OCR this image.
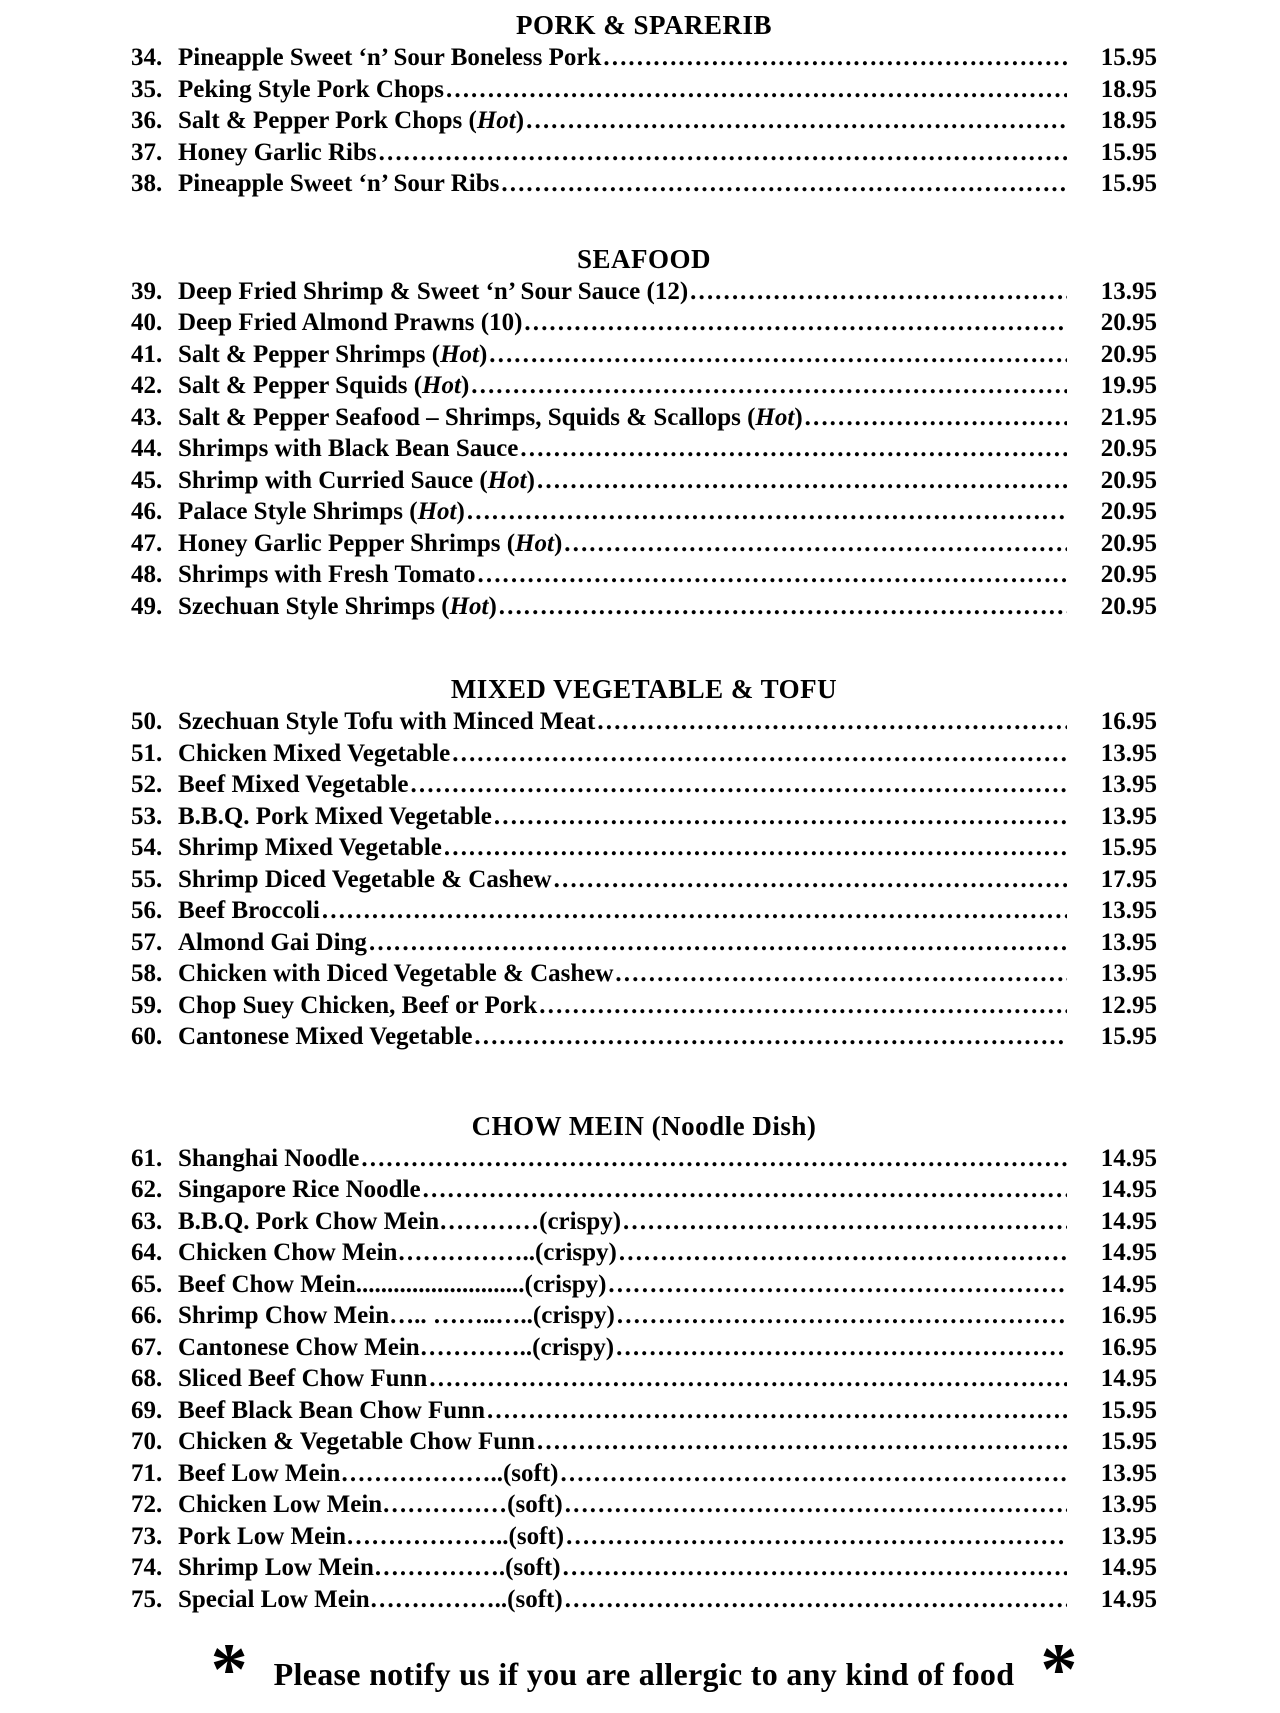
PORK & SPARERIB
34. Pineapple Sweet ‘n’ Sour Boneless Pork ……………………………………………………………………………………………………………………………………………………………………………………	15.95
35. Peking Style Pork Chops ……………………………………………………………………………………………………………………………………………………………………………………	18.95
36. Salt & Pepper Pork Chops (Hot) ……………………………………………………………………………………………………………………………………………………………………………………	18.95
37. Honey Garlic Ribs ……………………………………………………………………………………………………………………………………………………………………………………	15.95
38. Pineapple Sweet ‘n’ Sour Ribs ……………………………………………………………………………………………………………………………………………………………………………………	15.95
SEAFOOD
39. Deep Fried Shrimp & Sweet ‘n’ Sour Sauce (12) ……………………………………………………………………………………………………………………………………………………………………………………	13.95
40. Deep Fried Almond Prawns (10) ……………………………………………………………………………………………………………………………………………………………………………………	20.95
41. Salt & Pepper Shrimps (Hot) ……………………………………………………………………………………………………………………………………………………………………………………	20.95
42. Salt & Pepper Squids (Hot) ……………………………………………………………………………………………………………………………………………………………………………………	19.95
43. Salt & Pepper Seafood – Shrimps, Squids & Scallops (Hot) ……………………………………………………………………………………………………………………………………………………………………………………	21.95
44. Shrimps with Black Bean Sauce ……………………………………………………………………………………………………………………………………………………………………………………	20.95
45. Shrimp with Curried Sauce (Hot) ……………………………………………………………………………………………………………………………………………………………………………………	20.95
46. Palace Style Shrimps (Hot) ……………………………………………………………………………………………………………………………………………………………………………………	20.95
47. Honey Garlic Pepper Shrimps (Hot) ……………………………………………………………………………………………………………………………………………………………………………………	20.95
48. Shrimps with Fresh Tomato ……………………………………………………………………………………………………………………………………………………………………………………	20.95
49. Szechuan Style Shrimps (Hot) ……………………………………………………………………………………………………………………………………………………………………………………	20.95
MIXED VEGETABLE & TOFU
50. Szechuan Style Tofu with Minced Meat ……………………………………………………………………………………………………………………………………………………………………………………	16.95
51. Chicken Mixed Vegetable ……………………………………………………………………………………………………………………………………………………………………………………	13.95
52. Beef Mixed Vegetable ……………………………………………………………………………………………………………………………………………………………………………………	13.95
53. B.B.Q. Pork Mixed Vegetable ……………………………………………………………………………………………………………………………………………………………………………………	13.95
54. Shrimp Mixed Vegetable ……………………………………………………………………………………………………………………………………………………………………………………	15.95
55. Shrimp Diced Vegetable & Cashew ……………………………………………………………………………………………………………………………………………………………………………………	17.95
56. Beef Broccoli ……………………………………………………………………………………………………………………………………………………………………………………	13.95
57. Almond Gai Ding ……………………………………………………………………………………………………………………………………………………………………………………	13.95
58. Chicken with Diced Vegetable & Cashew ……………………………………………………………………………………………………………………………………………………………………………………	13.95
59. Chop Suey Chicken, Beef or Pork ……………………………………………………………………………………………………………………………………………………………………………………	12.95
60. Cantonese Mixed Vegetable ……………………………………………………………………………………………………………………………………………………………………………………	15.95
CHOW MEIN (Noodle Dish)
61. Shanghai Noodle ……………………………………………………………………………………………………………………………………………………………………………………	14.95
62. Singapore Rice Noodle ……………………………………………………………………………………………………………………………………………………………………………………	14.95
63. B.B.Q. Pork Chow Mein…………(crispy) ……………………………………………………………………………………………………………………………………………………………………………………	14.95
64. Chicken Chow Mein……………..(crispy) ……………………………………………………………………………………………………………………………………………………………………………………	14.95
65. Beef Chow Mein...........................(crispy) ……………………………………………………………………………………………………………………………………………………………………………………	14.95
66. Shrimp Chow Mein….. ……..…..(crispy) ……………………………………………………………………………………………………………………………………………………………………………………	16.95
67. Cantonese Chow Mein…………..(crispy) ……………………………………………………………………………………………………………………………………………………………………………………	16.95
68. Sliced Beef Chow Funn ……………………………………………………………………………………………………………………………………………………………………………………	14.95
69. Beef Black Bean Chow Funn ……………………………………………………………………………………………………………………………………………………………………………………	15.95
70. Chicken & Vegetable Chow Funn ……………………………………………………………………………………………………………………………………………………………………………………	15.95
71. Beef Low Mein………………..(soft) ……………………………………………………………………………………………………………………………………………………………………………………	13.95
72. Chicken Low Mein……………(soft) ……………………………………………………………………………………………………………………………………………………………………………………	13.95
73. Pork Low Mein………………..(soft) ……………………………………………………………………………………………………………………………………………………………………………………	13.95
74. Shrimp Low Mein…………….(soft) ……………………………………………………………………………………………………………………………………………………………………………………	14.95
75. Special Low Mein……………..(soft) ……………………………………………………………………………………………………………………………………………………………………………………	14.95
* Please notify us if you are allergic to any kind of food *
